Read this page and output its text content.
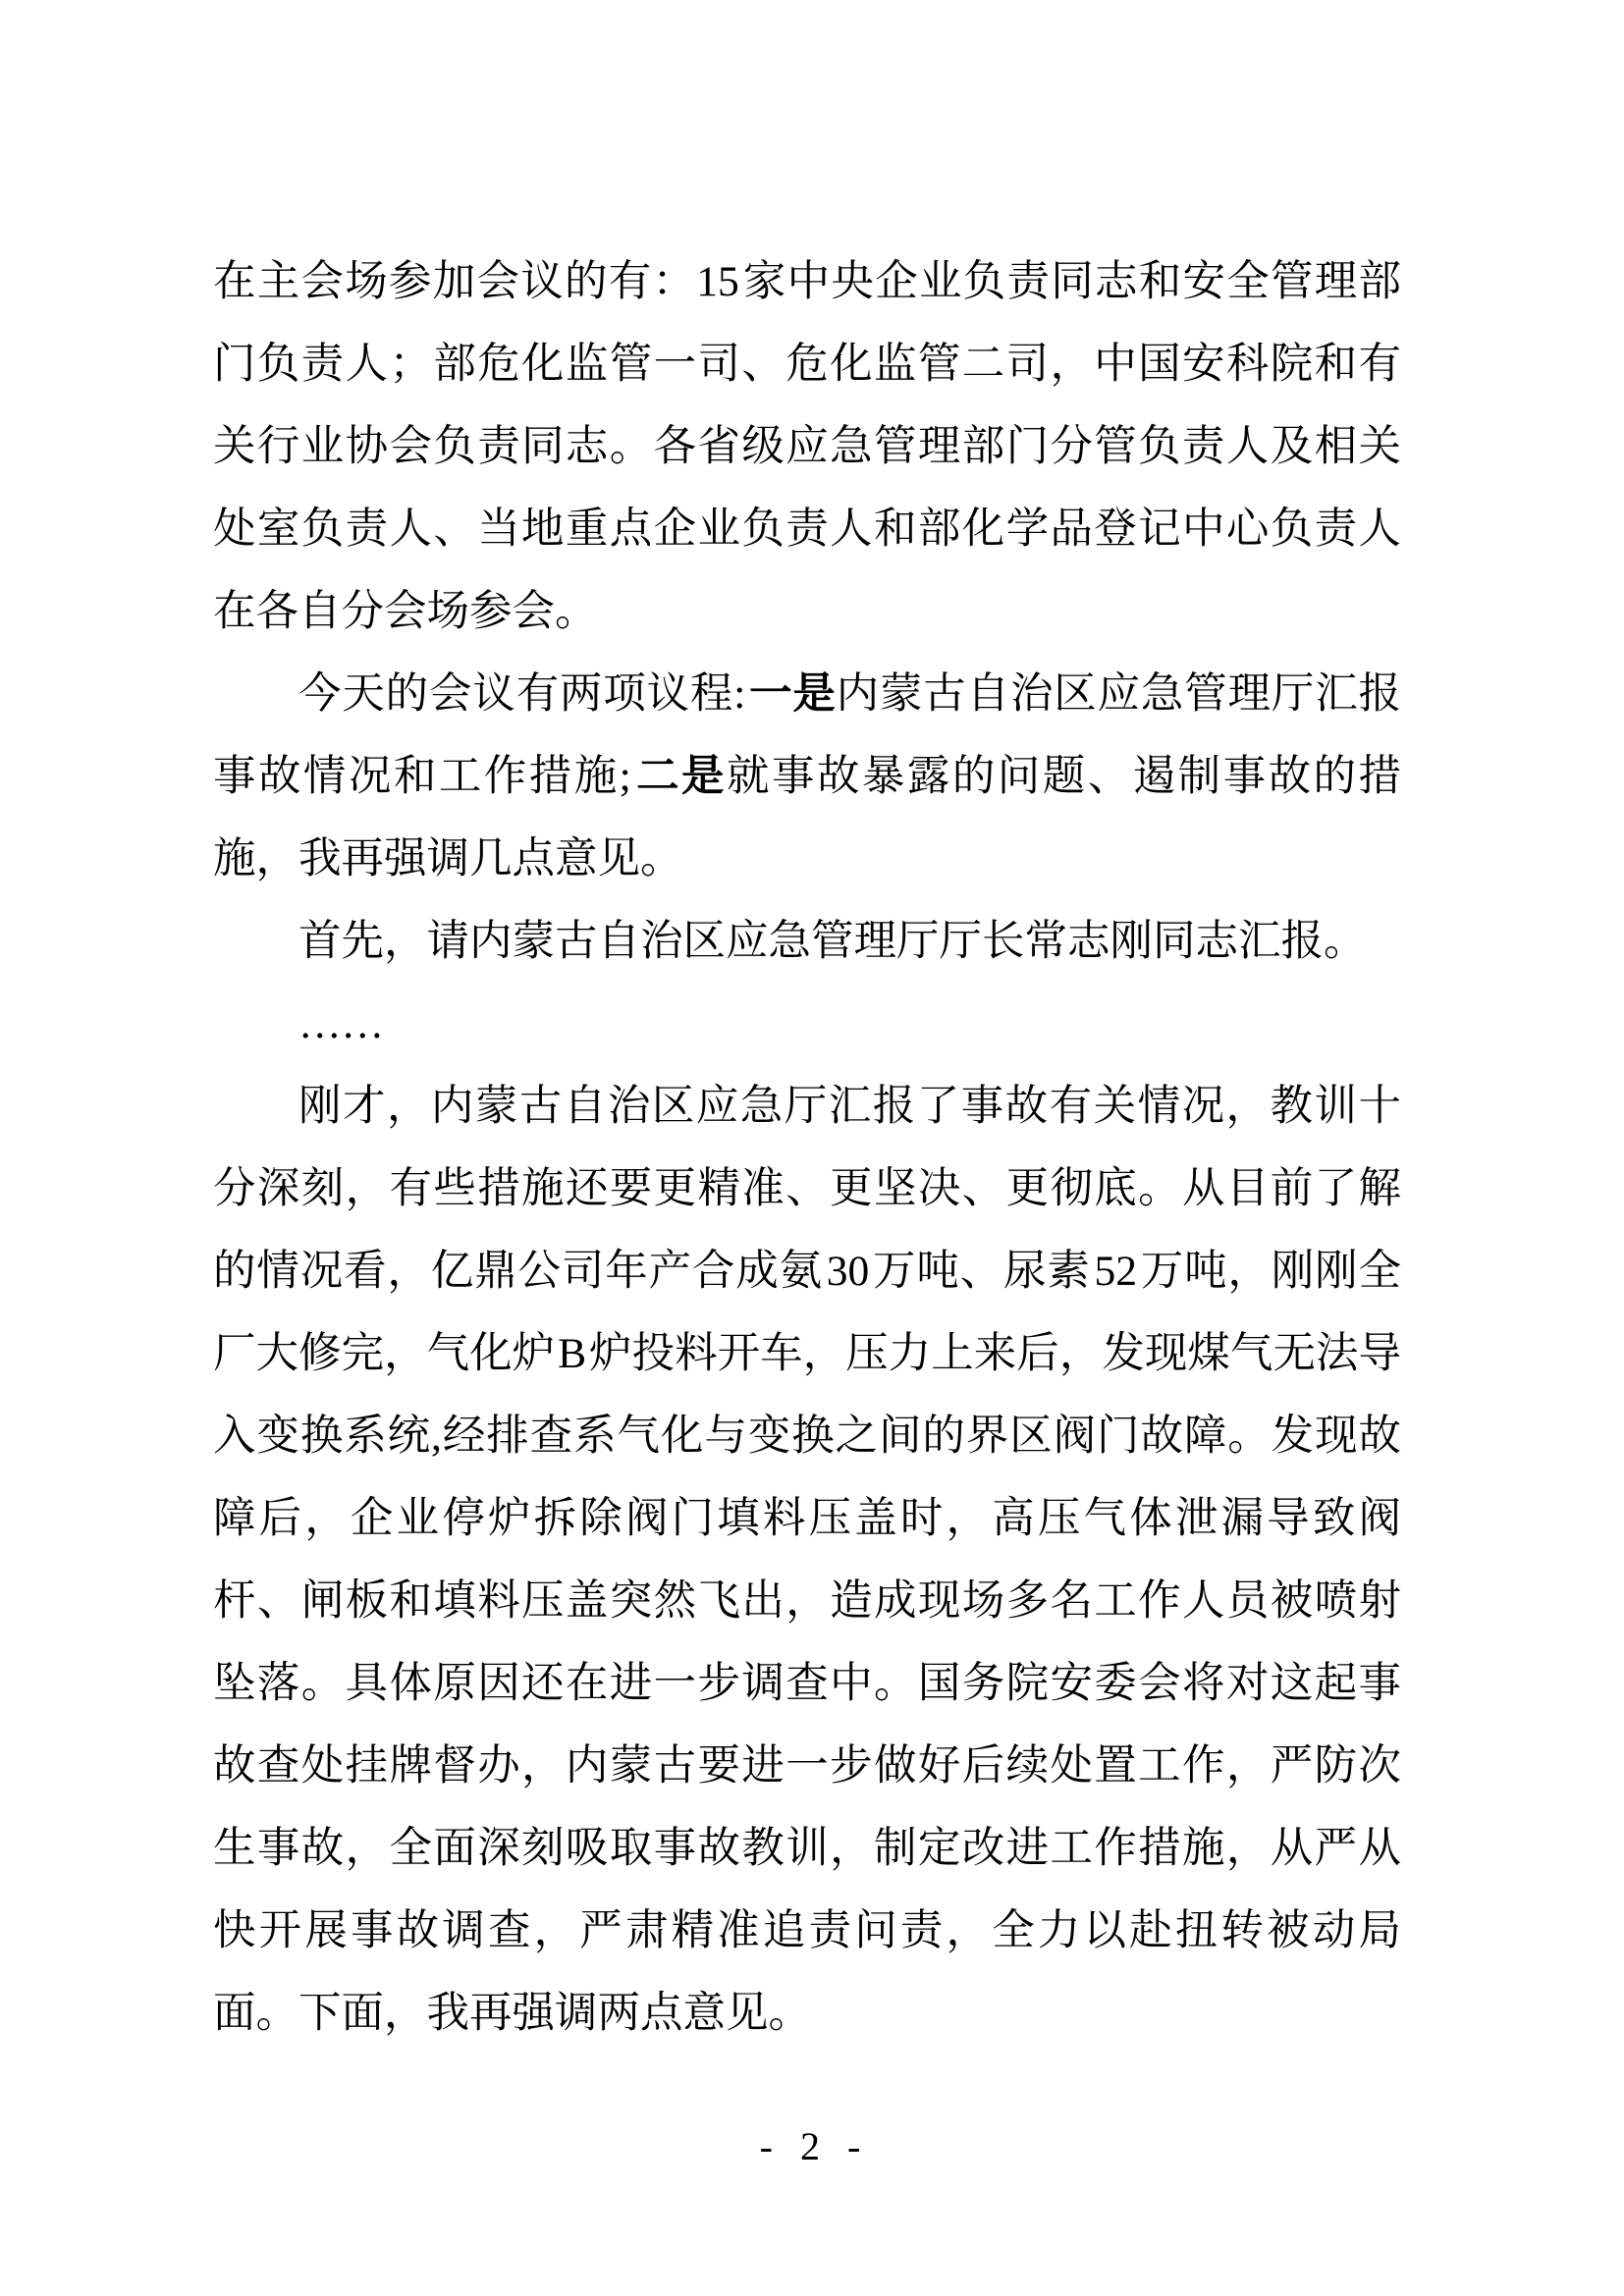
在主会场参加会议的有：15 家中央企业负责同志和安全管理部门负责人；部危化监管一司、危化监管二司，中国安科院和有关行业协会负责同志。各省级应急管理部门分管负责人及相关处室负责人、当地重点企业负责人和部化学品登记中心负责人在各自分会场参会。

今天的会议有两项议程: 一是内蒙古自治区应急管理厅汇报事故情况和工作措施; 二是就事故暴露的问题、遏制事故的措施，我再强调几点意见。

首先，请内蒙古自治区应急管理厅厅长常志刚同志汇报。

……

刚才，内蒙古自治区应急厅汇报了事故有关情况，教训十分深刻，有些措施还要更精准、更坚决、更彻底。从目前了解的情况看，亿鼎公司年产合成氨 30 万吨、尿素 52 万吨，刚刚全厂大修完，气化炉 B 炉投料开车，压力上来后，发现煤气无法导入变换系统,经排查系气化与变换之间的界区阀门故障。发现故障后，企业停炉拆除阀门填料压盖时，高压气体泄漏导致阀杆、闸板和填料压盖突然飞出，造成现场多名工作人员被喷射坠落。具体原因还在进一步调查中。国务院安委会将对这起事故查处挂牌督办，内蒙古要进一步做好后续处置工作，严防次生事故，全面深刻吸取事故教训，制定改进工作措施，从严从快开展事故调查，严肃精准追责问责，全力以赴扭转被动局面。下面，我再强调两点意见。

- 2 -
